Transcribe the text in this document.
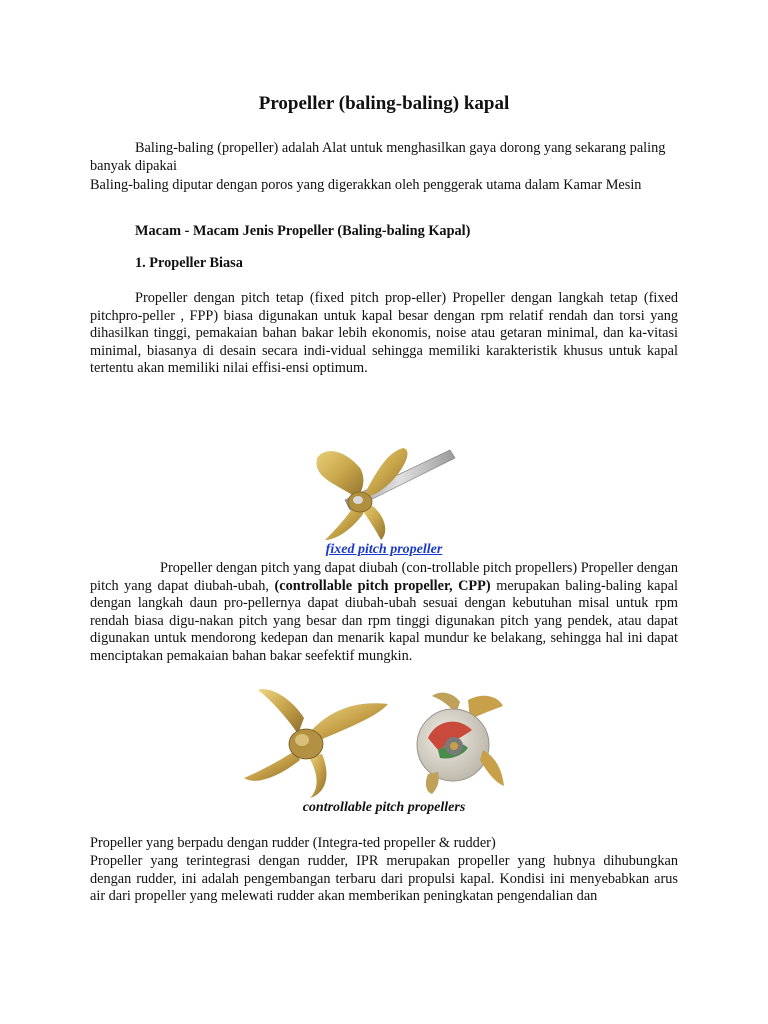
Propeller (baling-baling) kapal

Baling-baling (propeller) adalah Alat untuk menghasilkan gaya dorong yang sekarang paling banyak dipakai

Baling-baling diputar dengan poros yang digerakkan oleh penggerak utama dalam Kamar Mesin

Macam - Macam Jenis Propeller (Baling-baling Kapal)

1. Propeller Biasa

Propeller dengan pitch tetap (fixed pitch prop-eller) Propeller dengan langkah tetap (fixed pitchpro-peller , FPP) biasa digunakan untuk kapal besar dengan rpm relatif rendah dan torsi yang dihasilkan tinggi, pemakaian bahan bakar lebih ekonomis, noise atau getaran minimal, dan ka-vitasi minimal, biasanya di desain secara indi-vidual sehingga memiliki karakteristik khusus untuk kapal tertentu akan memiliki nilai effisi-ensi optimum.

fixed pitch propeller

Propeller dengan pitch yang dapat diubah (con-trollable pitch propellers) Propeller dengan pitch yang dapat diubah-ubah, (controllable pitch propeller, CPP) merupakan baling-baling kapal dengan langkah daun pro-pellernya dapat diubah-ubah sesuai dengan kebutuhan misal untuk rpm rendah biasa digu-nakan pitch yang besar dan rpm tinggi digunakan pitch yang pendek, atau dapat digunakan untuk mendorong kedepan dan menarik kapal mundur ke belakang, sehingga hal ini dapat menciptakan pemakaian bahan bakar seefektif mungkin.

controllable pitch propellers

Propeller yang berpadu dengan rudder (Integra-ted propeller & rudder)

Propeller yang terintegrasi dengan rudder, IPR merupakan propeller yang hubnya dihubungkan dengan rudder, ini adalah pengembangan terbaru dari propulsi kapal. Kondisi ini menyebabkan arus air dari propeller yang melewati rudder akan memberikan peningkatan pengendalian dan
